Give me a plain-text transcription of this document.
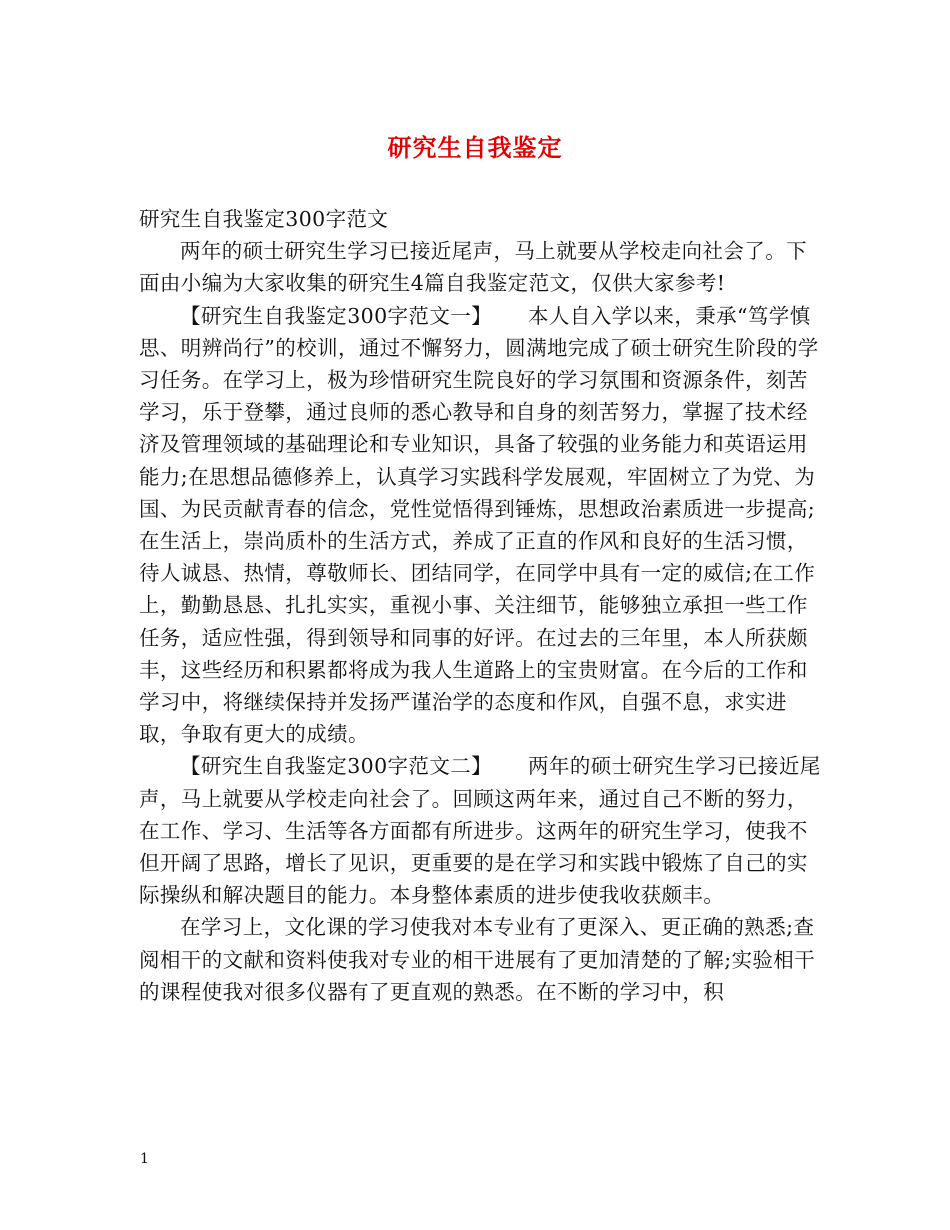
研究生自我鉴定

研究生自我鉴定300字范文

两年的硕士研究生学习已接近尾声，马上就要从学校走向社会了。下面由小编为大家收集的研究生4篇自我鉴定范文，仅供大家参考!

【研究生自我鉴定300字范文一】 本人自入学以来，秉承“笃学慎思、明辨尚行”的校训，通过不懈努力，圆满地完成了硕士研究生阶段的学习任务。在学习上，极为珍惜研究生院良好的学习氛围和资源条件，刻苦学习，乐于登攀，通过良师的悉心教导和自身的刻苦努力，掌握了技术经济及管理领域的基础理论和专业知识，具备了较强的业务能力和英语运用能力;在思想品德修养上，认真学习实践科学发展观，牢固树立了为党、为国、为民贡献青春的信念，党性觉悟得到锤炼，思想政治素质进一步提高;在生活上，崇尚质朴的生活方式，养成了正直的作风和良好的生活习惯，待人诚恳、热情，尊敬师长、团结同学，在同学中具有一定的威信;在工作上，勤勤恳恳、扎扎实实，重视小事、关注细节，能够独立承担一些工作任务，适应性强，得到领导和同事的好评。在过去的三年里，本人所获颇丰，这些经历和积累都将成为我人生道路上的宝贵财富。在今后的工作和学习中，将继续保持并发扬严谨治学的态度和作风，自强不息，求实进取，争取有更大的成绩。

【研究生自我鉴定300字范文二】 两年的硕士研究生学习已接近尾声，马上就要从学校走向社会了。回顾这两年来，通过自己不断的努力，在工作、学习、生活等各方面都有所进步。这两年的研究生学习，使我不但开阔了思路，增长了见识，更重要的是在学习和实践中锻炼了自己的实际操纵和解决题目的能力。本身整体素质的进步使我收获颇丰。

在学习上，文化课的学习使我对本专业有了更深入、更正确的熟悉;查阅相干的文献和资料使我对专业的相干进展有了更加清楚的了解;实验相干的课程使我对很多仪器有了更直观的熟悉。在不断的学习中，积

1
